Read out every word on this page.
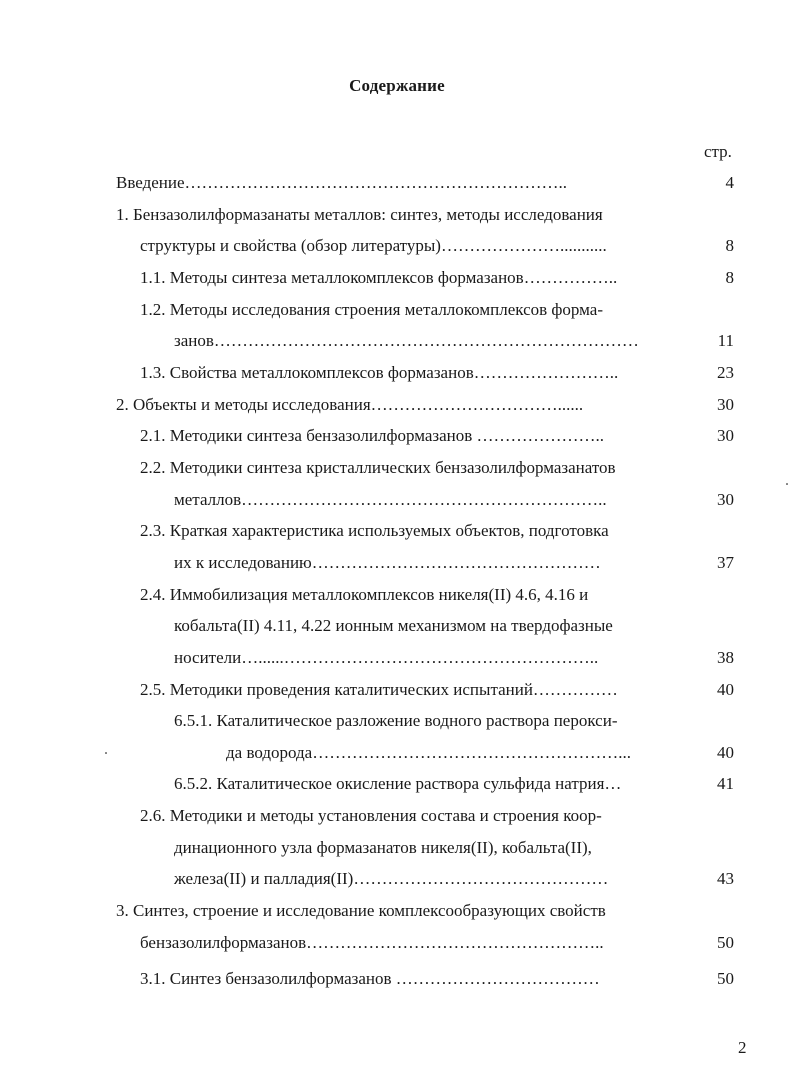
Содержание
стр.
Введение…………………………………………………………..	4
1. Бензазолилформазанаты металлов: синтез, методы исследования
структуры и свойства (обзор литературы)…………………...........	8
1.1. Методы синтеза металлокомплексов формазанов……………..	8
1.2. Методы исследования строения металлокомплексов форма-
занов…………………………………………………………………	11
1.3. Свойства металлокомплексов формазанов……………………..	23
2. Объекты и методы исследования……………………………......	30
2.1. Методики синтеза бензазолилформазанов …………………..	30
2.2. Методики синтеза кристаллических бензазолилформазанатов
металлов………………………………………………………..	30
2.3. Краткая характеристика используемых объектов, подготовка
их к исследованию……………………………………………	37
2.4. Иммобилизация металлокомплексов никеля(II) 4.6, 4.16 и
кобальта(II) 4.11, 4.22 ионным механизмом на твердофазные
носители…......………………………………………………..	38
2.5. Методики проведения каталитических испытаний……………	40
6.5.1. Каталитическое разложение водного раствора перокси-
да водорода………………………………………………...	40
6.5.2. Каталитическое окисление раствора сульфида натрия…	41
2.6. Методики и методы установления состава и строения коор-
динационного узла формазанатов никеля(II), кобальта(II),
железа(II) и палладия(II)………………………………………	43
3. Синтез, строение и исследование комплексообразующих свойств
бензазолилформазанов……………………………………………..	50
3.1. Синтез бензазолилформазанов ………………………………	50
2
